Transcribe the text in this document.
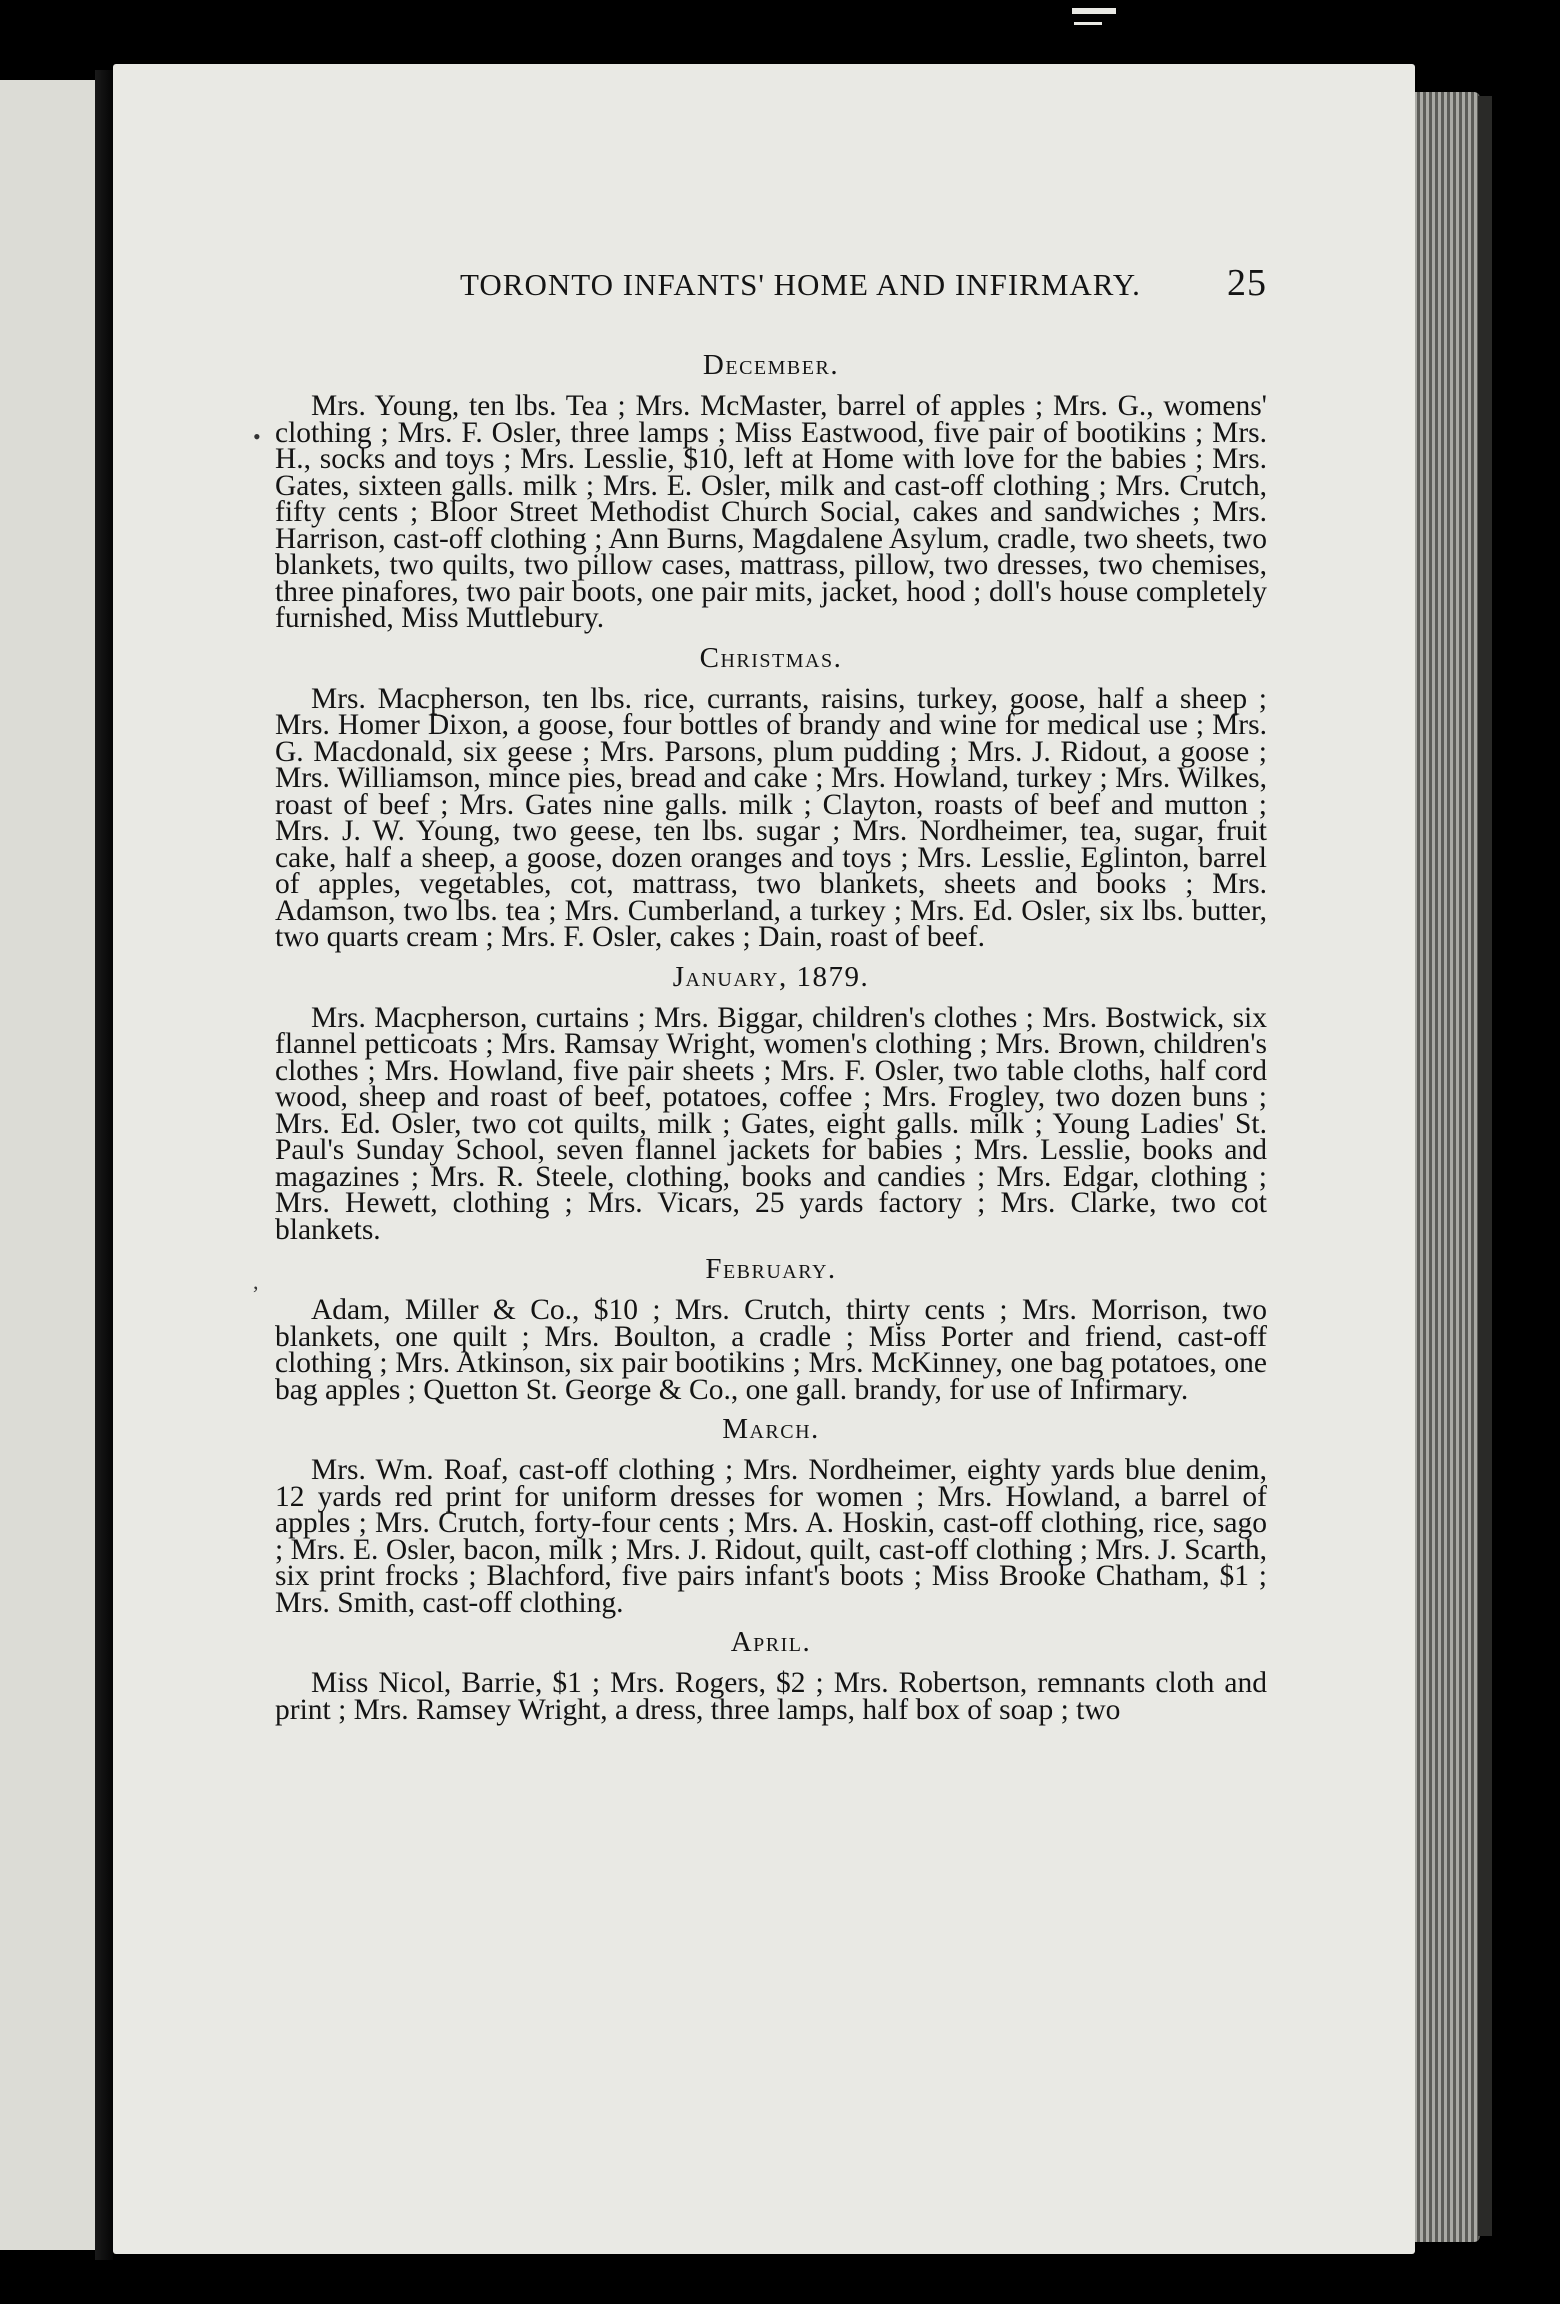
•
,
TORONTO INFANTS' HOME AND INFIRMARY. 25
December.

Mrs. Young, ten lbs. Tea ; Mrs. McMaster, barrel of apples ; Mrs. G., womens' clothing ; Mrs. F. Osler, three lamps ; Miss Eastwood, five pair of bootikins ; Mrs. H., socks and toys ; Mrs. Lesslie, $10, left at Home with love for the babies ; Mrs. Gates, sixteen galls. milk ; Mrs. E. Osler, milk and cast-off clothing ; Mrs. Crutch, fifty cents ; Bloor Street Methodist Church Social, cakes and sandwiches ; Mrs. Harrison, cast-off clothing ; Ann Burns, Magdalene Asylum, cradle, two sheets, two blankets, two quilts, two pillow cases, mattrass, pillow, two dresses, two chemises, three pinafores, two pair boots, one pair mits, jacket, hood ; doll's house completely furnished, Miss Muttlebury.

Christmas.

Mrs. Macpherson, ten lbs. rice, currants, raisins, turkey, goose, half a sheep ; Mrs. Homer Dixon, a goose, four bottles of brandy and wine for medical use ; Mrs. G. Macdonald, six geese ; Mrs. Parsons, plum pudding ; Mrs. J. Ridout, a goose ; Mrs. Williamson, mince pies, bread and cake ; Mrs. Howland, turkey ; Mrs. Wilkes, roast of beef ; Mrs. Gates nine galls. milk ; Clayton, roasts of beef and mutton ; Mrs. J. W. Young, two geese, ten lbs. sugar ; Mrs. Nordheimer, tea, sugar, fruit cake, half a sheep, a goose, dozen oranges and toys ; Mrs. Lesslie, Eglinton, barrel of apples, vegetables, cot, mattrass, two blankets, sheets and books ; Mrs. Adamson, two lbs. tea ; Mrs. Cumberland, a turkey ; Mrs. Ed. Osler, six lbs. butter, two quarts cream ; Mrs. F. Osler, cakes ; Dain, roast of beef.

January, 1879.

Mrs. Macpherson, curtains ; Mrs. Biggar, children's clothes ; Mrs. Bostwick, six flannel petticoats ; Mrs. Ramsay Wright, women's clothing ; Mrs. Brown, children's clothes ; Mrs. Howland, five pair sheets ; Mrs. F. Osler, two table cloths, half cord wood, sheep and roast of beef, potatoes, coffee ; Mrs. Frogley, two dozen buns ; Mrs. Ed. Osler, two cot quilts, milk ; Gates, eight galls. milk ; Young Ladies' St. Paul's Sunday School, seven flannel jackets for babies ; Mrs. Lesslie, books and magazines ; Mrs. R. Steele, clothing, books and candies ; Mrs. Edgar, clothing ; Mrs. Hewett, clothing ; Mrs. Vicars, 25 yards factory ; Mrs. Clarke, two cot blankets.

February.

Adam, Miller & Co., $10 ; Mrs. Crutch, thirty cents ; Mrs. Morrison, two blankets, one quilt ; Mrs. Boulton, a cradle ; Miss Porter and friend, cast-off clothing ; Mrs. Atkinson, six pair bootikins ; Mrs. McKinney, one bag potatoes, one bag apples ; Quetton St. George & Co., one gall. brandy, for use of Infirmary.

March.

Mrs. Wm. Roaf, cast-off clothing ; Mrs. Nordheimer, eighty yards blue denim, 12 yards red print for uniform dresses for women ; Mrs. Howland, a barrel of apples ; Mrs. Crutch, forty-four cents ; Mrs. A. Hoskin, cast-off clothing, rice, sago ; Mrs. E. Osler, bacon, milk ; Mrs. J. Ridout, quilt, cast-off clothing ; Mrs. J. Scarth, six print frocks ; Blachford, five pairs infant's boots ; Miss Brooke Chatham, $1 ; Mrs. Smith, cast-off clothing.

April.

Miss Nicol, Barrie, $1 ; Mrs. Rogers, $2 ; Mrs. Robertson, remnants cloth and print ; Mrs. Ramsey Wright, a dress, three lamps, half box of soap ; two
